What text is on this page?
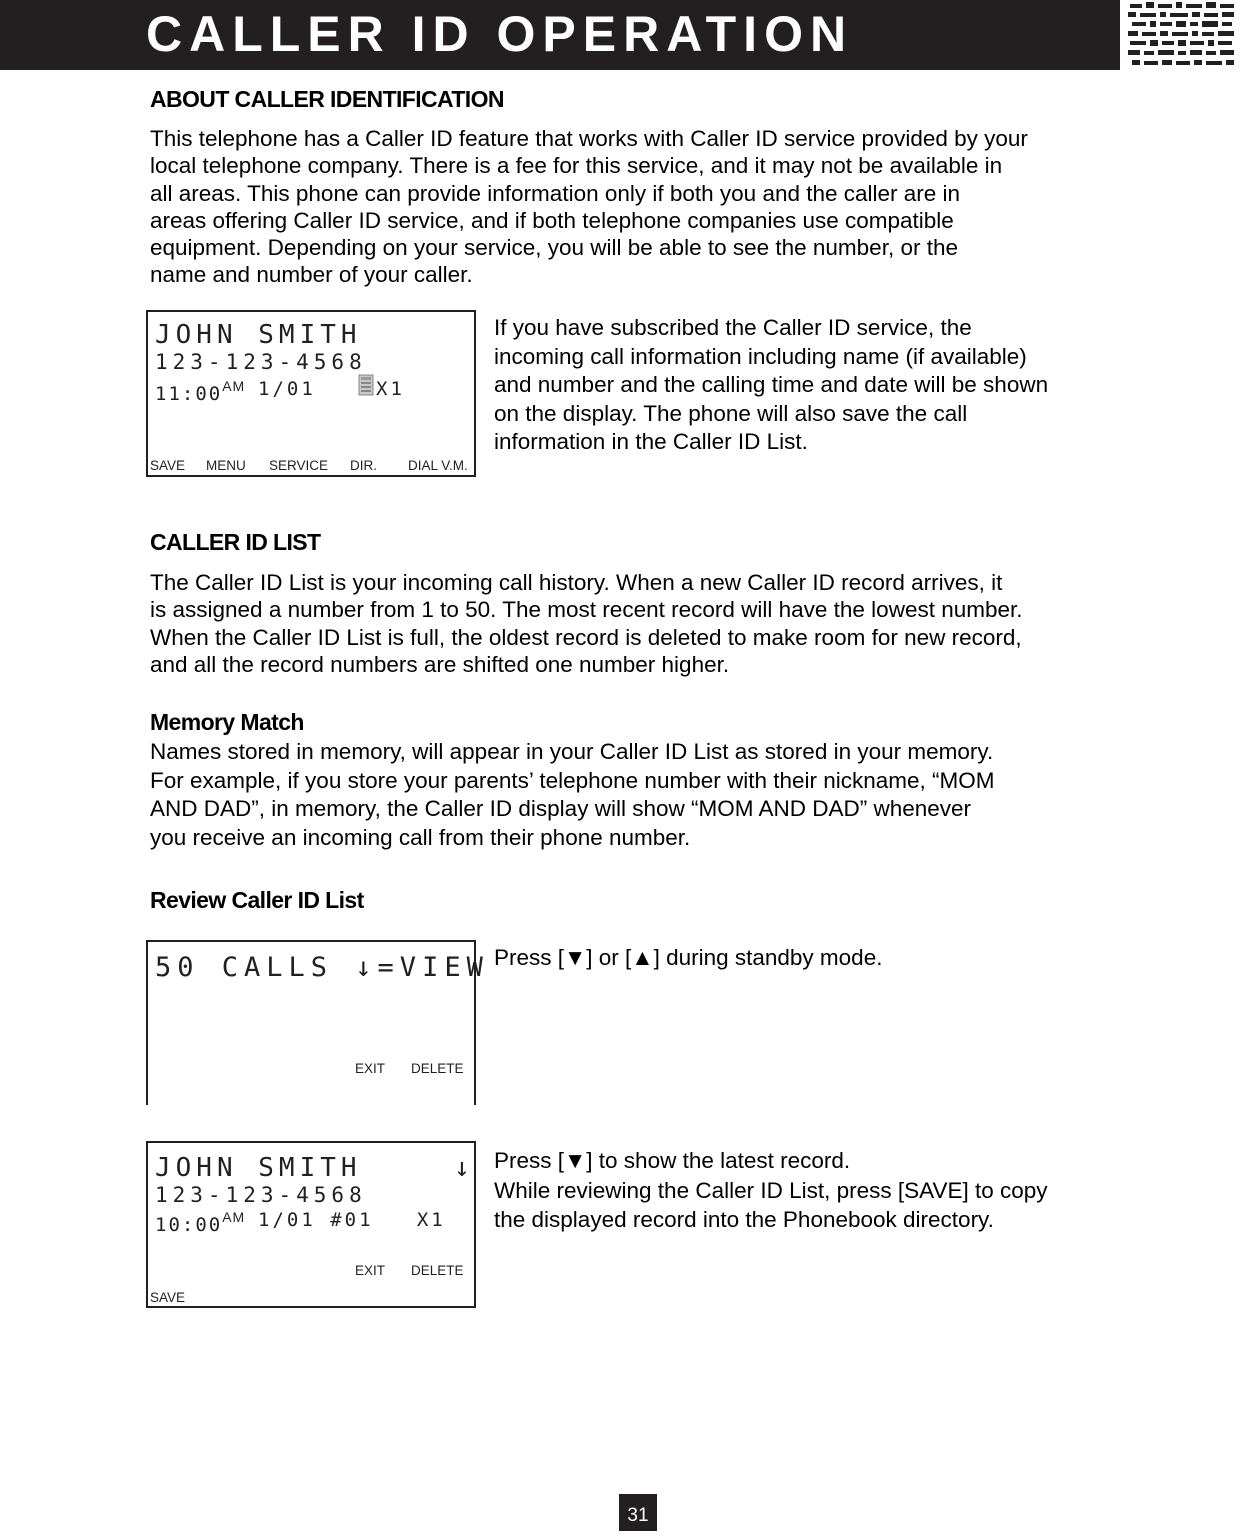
CALLER ID OPERATION
ABOUT CALLER IDENTIFICATION
This telephone has a Caller ID feature that works with Caller ID service provided by your
local telephone company. There is a fee for this service, and it may not be available in
all areas. This phone can provide information only if both you and the caller are in
areas offering Caller ID service, and if both telephone companies use compatible
equipment. Depending on your service, you will be able to see the number, or the
name and number of your caller.
JOHN SMITH
123-123-4568
$11:00^{AM}$ 1/01	X1
SAVE MENU SERVICE DIR. DIAL V.M.
If you have subscribed the Caller ID service, the
incoming call information including name (if available)
and number and the calling time and date will be shown
on the display. The phone will also save the call
information in the Caller ID List.
CALLER ID LIST
The Caller ID List is your incoming call history. When a new Caller ID record arrives, it
is assigned a number from 1 to 50. The most recent record will have the lowest number.
When the Caller ID List is full, the oldest record is deleted to make room for new record,
and all the record numbers are shifted one number higher.
Memory Match
Names stored in memory, will appear in your Caller ID List as stored in your memory.
For example, if you store your parents’ telephone number with their nickname, “MOM
AND DAD”, in memory, the Caller ID display will show “MOM AND DAD” whenever
you receive an incoming call from their phone number.
Review Caller ID List
50 CALLS ↓=VIEW
EXIT DELETE
Press [▼] or [▲] during standby mode.
JOHN SMITH	↓
123-123-4568
$10:00^{AM}$ 1/01 #01   X1
EXIT DELETE
SAVE
Press [▼] to show the latest record.
While reviewing the Caller ID List, press [SAVE] to copy
the displayed record into the Phonebook directory.
31
